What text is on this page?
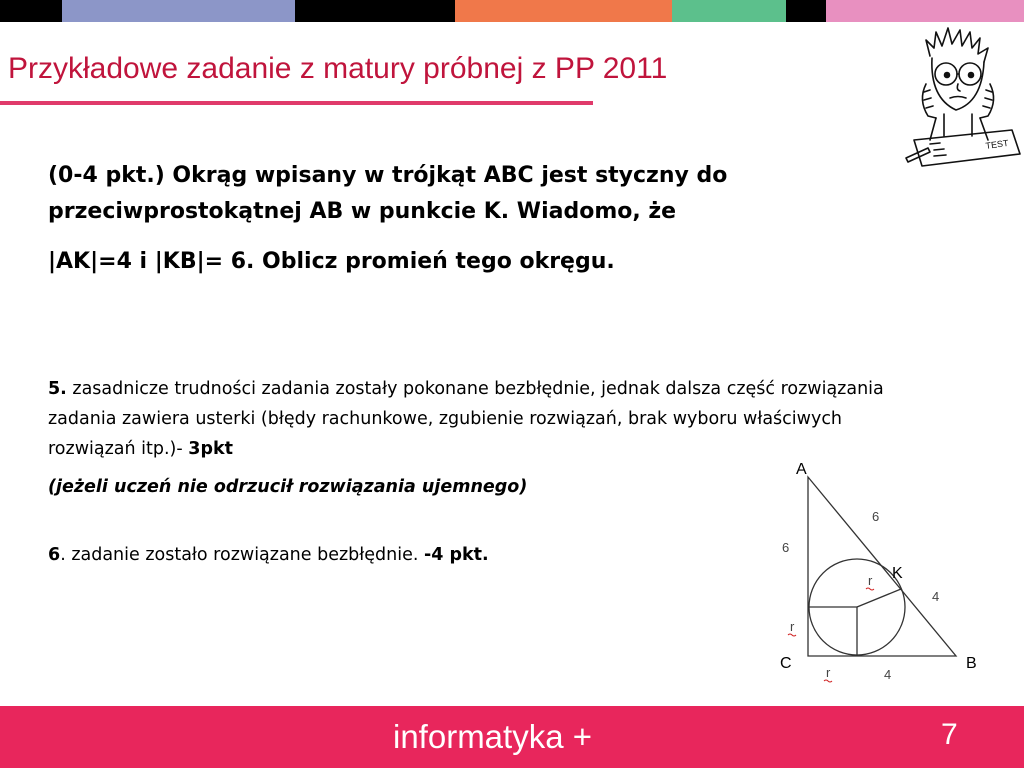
Przykładowe zadanie z matury próbnej z PP 2011
TEST

(0-4 pkt.) Okrąg wpisany w trójkąt ABC jest styczny do

przeciwprostokątnej AB w punkcie K. Wiadomo, że

|AK|=4 i |KB|= 6. Oblicz promień tego okręgu.

5. zasadnicze trudności zadania zostały pokonane bezbłędnie, jednak dalsza część rozwiązania zadania zawiera usterki (błędy rachunkowe, zgubienie rozwiązań, brak wyboru właściwych rozwiązań itp.)- 3pkt

(jeżeli uczeń nie odrzucił rozwiązania ujemnego)

6. zadanie zostało rozwiązane bezbłędnie. -4 pkt.

A
B
C
K
6
6
4
4
r
r
r
informatyka +	7
